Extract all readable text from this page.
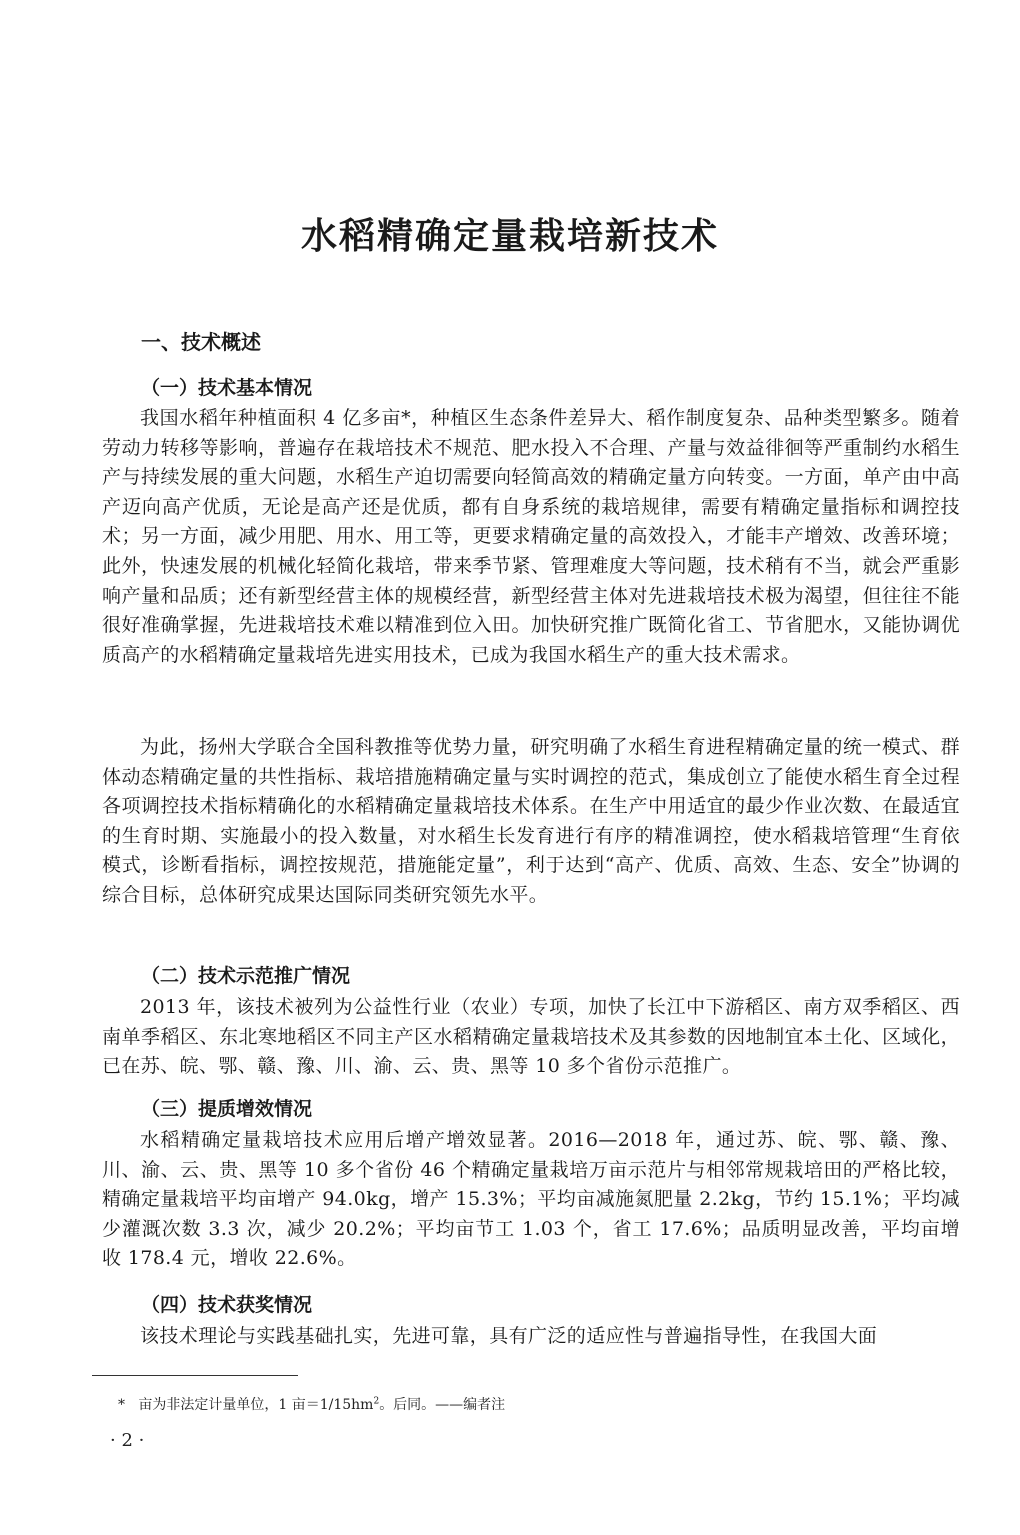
水稻精确定量栽培新技术
一、技术概述
（一）技术基本情况
我国水稻年种植面积 4 亿多亩*，种植区生态条件差异大、稻作制度复杂、品种类型繁多。随着劳动力转移等影响，普遍存在栽培技术不规范、肥水投入不合理、产量与效益徘徊等严重制约水稻生产与持续发展的重大问题，水稻生产迫切需要向轻简高效的精确定量方向转变。一方面，单产由中高产迈向高产优质，无论是高产还是优质，都有自身系统的栽培规律，需要有精确定量指标和调控技术；另一方面，减少用肥、用水、用工等，更要求精确定量的高效投入，才能丰产增效、改善环境；此外，快速发展的机械化轻简化栽培，带来季节紧、管理难度大等问题，技术稍有不当，就会严重影响产量和品质；还有新型经营主体的规模经营，新型经营主体对先进栽培技术极为渴望，但往往不能很好准确掌握，先进栽培技术难以精准到位入田。加快研究推广既简化省工、节省肥水，又能协调优质高产的水稻精确定量栽培先进实用技术，已成为我国水稻生产的重大技术需求。
为此，扬州大学联合全国科教推等优势力量，研究明确了水稻生育进程精确定量的统一模式、群体动态精确定量的共性指标、栽培措施精确定量与实时调控的范式，集成创立了能使水稻生育全过程各项调控技术指标精确化的水稻精确定量栽培技术体系。在生产中用适宜的最少作业次数、在最适宜的生育时期、实施最小的投入数量，对水稻生长发育进行有序的精准调控，使水稻栽培管理“生育依模式，诊断看指标，调控按规范，措施能定量”，利于达到“高产、优质、高效、生态、安全”协调的综合目标，总体研究成果达国际同类研究领先水平。
（二）技术示范推广情况
2013 年，该技术被列为公益性行业（农业）专项，加快了长江中下游稻区、南方双季稻区、西南单季稻区、东北寒地稻区不同主产区水稻精确定量栽培技术及其参数的因地制宜本土化、区域化，已在苏、皖、鄂、赣、豫、川、渝、云、贵、黑等 10 多个省份示范推广。
（三）提质增效情况
水稻精确定量栽培技术应用后增产增效显著。2016—2018 年，通过苏、皖、鄂、赣、豫、川、渝、云、贵、黑等 10 多个省份 46 个精确定量栽培万亩示范片与相邻常规栽培田的严格比较，精确定量栽培平均亩增产 94.0kg，增产 15.3%；平均亩减施氮肥量 2.2kg，节约 15.1%；平均减少灌溉次数 3.3 次，减少 20.2%；平均亩节工 1.03 个，省工 17.6%；品质明显改善，平均亩增收 178.4 元，增收 22.6%。
（四）技术获奖情况
该技术理论与实践基础扎实，先进可靠，具有广泛的适应性与普遍指导性，在我国大面
* 亩为非法定计量单位，1 亩$=1/15hm^2$。后同。——编者注
· 2 ·
